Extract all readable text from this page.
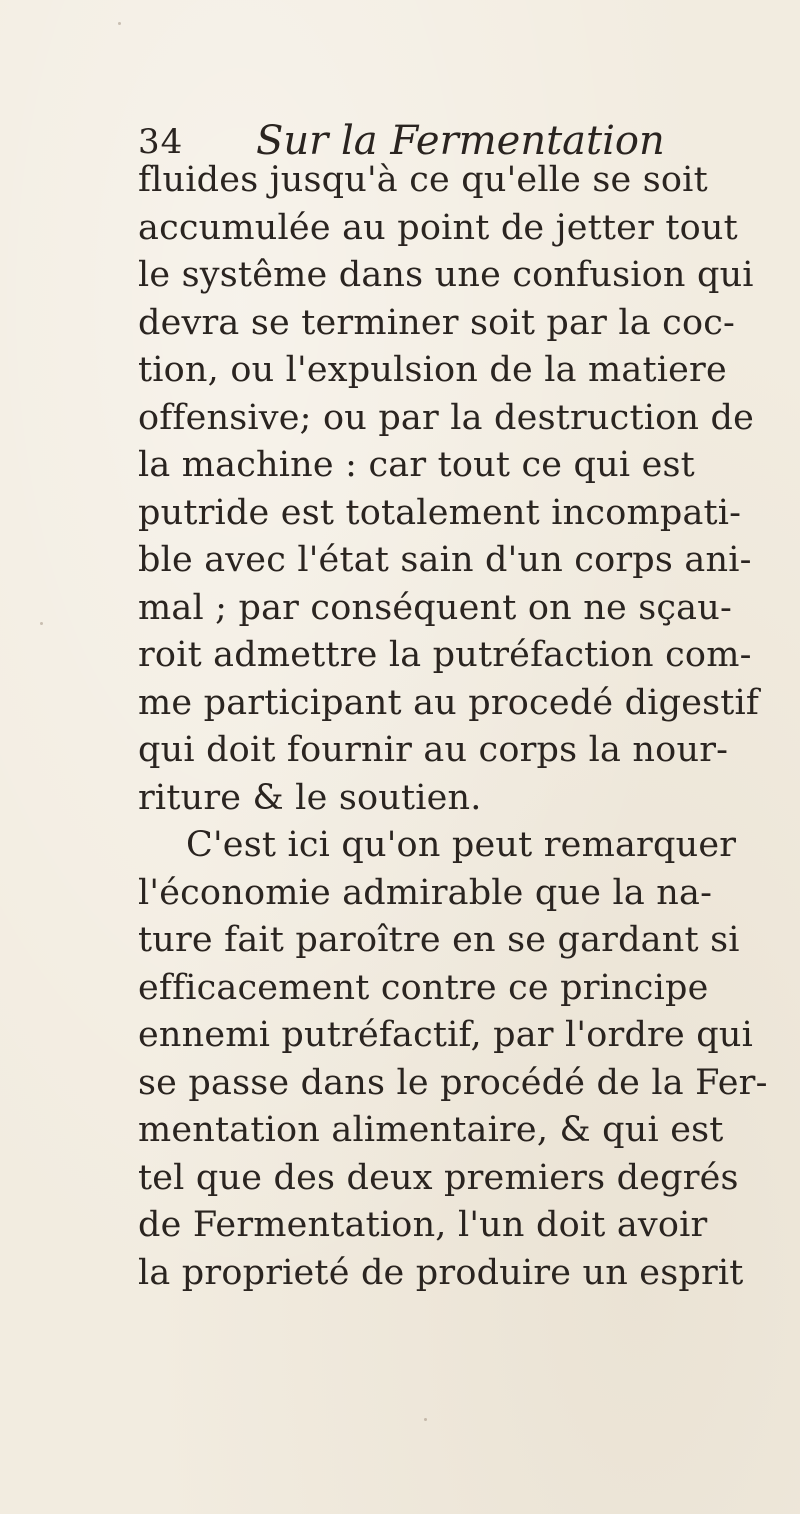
34 Sur la Fermentation
fluides jusqu'à ce qu'elle se soit
accumulée au point de jetter tout
le systême dans une confusion qui
devra se terminer soit par la coc-
tion, ou l'expulsion de la matiere
offensive; ou par la destruction de
la machine : car tout ce qui est
putride est totalement incompati-
ble avec l'état sain d'un corps ani-
mal ; par conséquent on ne sçau-
roit admettre la putréfaction com-
me participant au procedé digestif
qui doit fournir au corps la nour-
riture & le soutien.
C'est ici qu'on peut remarquer
l'économie admirable que la na-
ture fait paroître en se gardant si
efficacement contre ce principe
ennemi putréfactif, par l'ordre qui
se passe dans le procédé de la Fer-
mentation alimentaire, & qui est
tel que des deux premiers degrés
de Fermentation, l'un doit avoir
la proprieté de produire un esprit
